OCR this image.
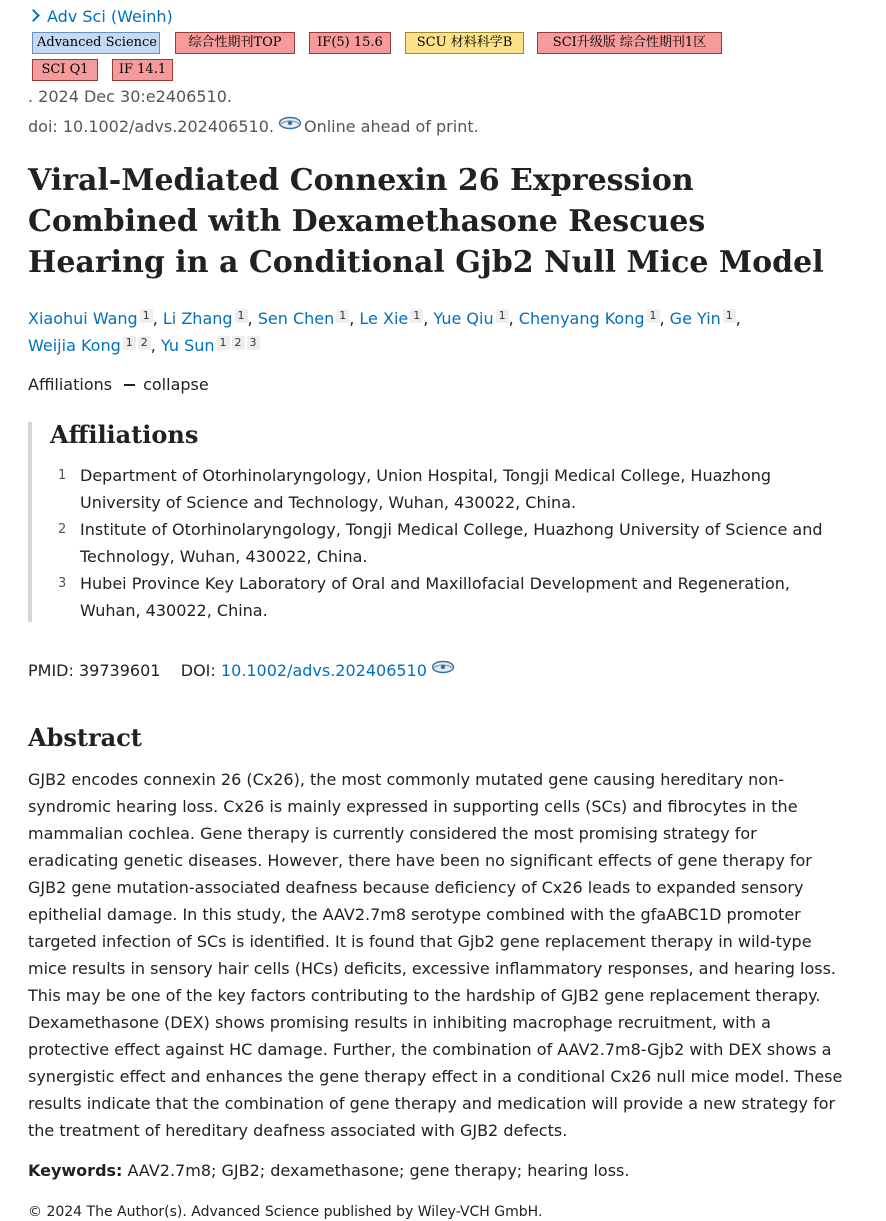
Adv Sci (Weinh)
Advanced Science	综合性期刊TOP	IF(5) 15.6	SCU 材料科学B	SCI升级版 综合性期刊1区
SCI Q1	IF 14.1
. 2024 Dec 30:e2406510.
doi: 10.1002/advs.202406510. Online ahead of print.
Viral-Mediated Connexin 26 Expression Combined with Dexamethasone Rescues Hearing in a Conditional Gjb2 Null Mice Model
Xiaohui Wang 1 , Li Zhang 1 , Sen Chen 1 , Le Xie 1 , Yue Qiu 1 , Chenyang Kong 1 , Ge Yin 1 ,
Weijia Kong 1 2 , Yu Sun 1 2 3
Affiliations collapse
Affiliations
1 Department of Otorhinolaryngology, Union Hospital, Tongji Medical College, Huazhong University of Science and Technology, Wuhan, 430022, China.
2 Institute of Otorhinolaryngology, Tongji Medical College, Huazhong University of Science and Technology, Wuhan, 430022, China.
3 Hubei Province Key Laboratory of Oral and Maxillofacial Development and Regeneration, Wuhan, 430022, China.
PMID: 39739601 DOI: 10.1002/advs.202406510
Abstract

GJB2 encodes connexin 26 (Cx26), the most commonly mutated gene causing hereditary non-syndromic hearing loss. Cx26 is mainly expressed in supporting cells (SCs) and fibrocytes in the mammalian cochlea. Gene therapy is currently considered the most promising strategy for eradicating genetic diseases. However, there have been no significant effects of gene therapy for GJB2 gene mutation-associated deafness because deficiency of Cx26 leads to expanded sensory epithelial damage. In this study, the AAV2.7m8 serotype combined with the gfaABC1D promoter targeted infection of SCs is identified. It is found that Gjb2 gene replacement therapy in wild-type mice results in sensory hair cells (HCs) deficits, excessive inflammatory responses, and hearing loss. This may be one of the key factors contributing to the hardship of GJB2 gene replacement therapy. Dexamethasone (DEX) shows promising results in inhibiting macrophage recruitment, with a protective effect against HC damage. Further, the combination of AAV2.7m8-Gjb2 with DEX shows a synergistic effect and enhances the gene therapy effect in a conditional Cx26 null mice model. These results indicate that the combination of gene therapy and medication will provide a new strategy for the treatment of hereditary deafness associated with GJB2 defects.

Keywords: AAV2.7m8; GJB2; dexamethasone; gene therapy; hearing loss.
© 2024 The Author(s). Advanced Science published by Wiley-VCH GmbH.
